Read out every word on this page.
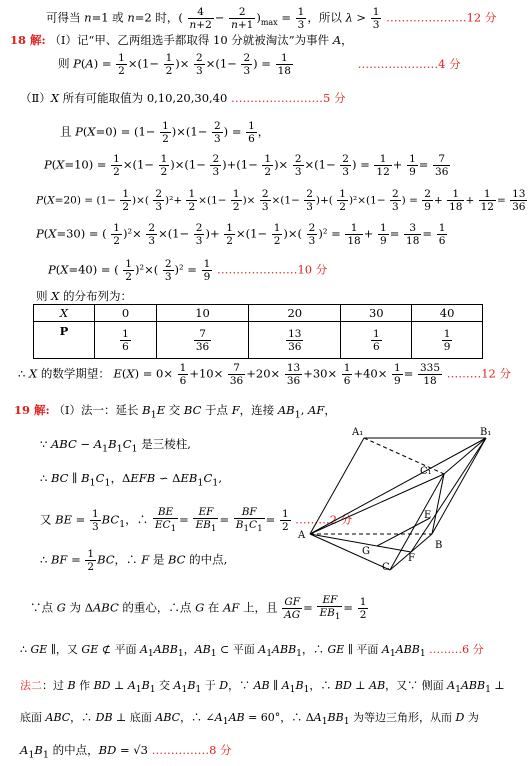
可得当 n=1 或 n=2 时，( $\frac{4}{n+2} - \frac{2}{n+1} )_{max} = \frac{1}{3}$ ，所以 $\lambda > \frac{1}{3}$ …………………12 分
18 解: （Ⅰ）记“甲、乙两组选手都取得 10 分就被淘汰”为事件 A，
则 $P(A) = \frac{1}{2} \times(1- \frac{1}{2}$ )× $\frac{2}{3} \times(1- \frac{2}{3}$ ) = $\frac{1}{18}$	…………………4 分
（Ⅱ）X 所有可能取值为 0,10,20,30,40 ……………………5 分
且 $P(X=0) = (1- \frac{1}{2} )\times(1- \frac{2}{3}$ ) = $\frac{1}{6}$ ，
$P(X=10) = \frac{1}{2} \times(1- \frac{1}{2} )\times(1- \frac{2}{3} )+(1- \frac{1}{2}$ )× $\frac{2}{3} \times(1- \frac{2}{3}$ ) = $\frac{1}{12} + \frac{1}{9} = \frac{7}{36}$
$P(X=20) = (1- \frac{1}{2}$ )×( $\frac{2}{3} )^2+ \frac{1}{2} \times(1- \frac{1}{2}$ )× $\frac{2}{3} \times(1- \frac{2}{3}$ )+( $\frac{1}{2} )^2\times(1- \frac{2}{3}$ ) = $\frac{2}{9} + \frac{1}{18} + \frac{1}{12} = \frac{13}{36}$
P(X=30) = ( $\frac{1}{2} )^2\times \frac{2}{3} \times(1- \frac{2}{3}$ )+ $\frac{1}{2} \times(1- \frac{1}{2}$ )×( $\frac{2}{3} )^2 = \frac{1}{18} + \frac{1}{9} = \frac{3}{18} = \frac{1}{6}$
P(X=40) = ( $\frac{1}{2} )^2\times( \frac{2}{3} )^2 = \frac{1}{9}$ …………………10 分
则 X 的分布列为：
X	0	10	20	30	40
P	$\frac{1}{6}$	$\frac{7}{36}$	$\frac{13}{36}$	$\frac{1}{6}$	$\frac{1}{9}$
∴ X 的数学期望： $E(X) = 0\times \frac{1}{6} +10\times \frac{7}{36} +20\times \frac{13}{36} +30\times \frac{1}{6} +40\times \frac{1}{9} = \frac{335}{18}$ ………12 分
19 解: （Ⅰ）法一：延长 $B_1E$ 交 BC 于点 F，连接 $AB_1$, AF，
∵ ABC − $A_1B_1C_1$ 是三棱柱,
∴ BC ∥ $B_1C_1$，ΔEFB ∽ $\Delta EB_1C_1$,
又 BE = $\frac{1}{3} BC_1$，∴ $\frac{BE}{EC_1} = \frac{EF}{EB_1} = \frac{BF}{B_1C_1} = \frac{1}{2}$ ………2 分
∴ BF = $\frac{1}{2}$ BC，∴ F 是 BC 的中点,
∵点 G 为 ΔABC 的重心，∴点 G 在 AF 上，且 $\frac{GF}{AG} = \frac{EF}{EB_1} = \frac{1}{2}$
∴ GE ∥，又 GE ⊄ 平面 $A_1ABB_1$，$AB_1$ ⊂ 平面 $A_1ABB_1$，∴ GE ∥ 平面 $A_1ABB_1$ ………6 分
法二：过 B 作 BD ⊥ $A_1B_1$ 交 $A_1B_1$ 于 D，∵ AB ∥ $A_1B_1$，∴ BD ⊥ AB，又∵ 侧面 $A_1ABB_1$ ⊥
底面 ABC，∴ DB ⊥ 底面 ABC，∴ $\angle A_1AB = 60^\circ$，∴ $\Delta A_1BB_1$ 为等边三角形，从而 D 为
$A_1B_1$ 的中点，BD = √3 ……………8 分
A₁	B₁
C₁
A
B
C
E
F
G
